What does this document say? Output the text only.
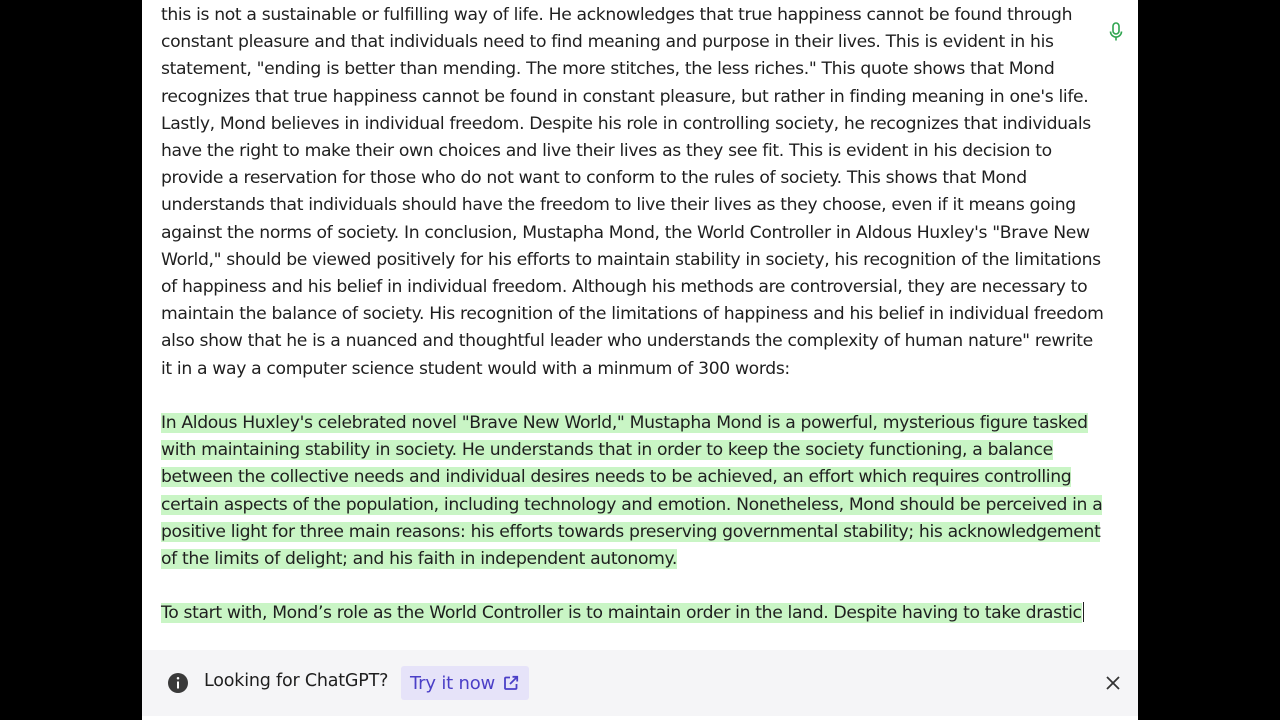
this is not a sustainable or fulfilling way of life. He acknowledges that true happiness cannot be found through constant pleasure and that individuals need to find meaning and purpose in their lives. This is evident in his statement, "ending is better than mending. The more stitches, the less riches." This quote shows that Mond recognizes that true happiness cannot be found in constant pleasure, but rather in finding meaning in one's life. Lastly, Mond believes in individual freedom. Despite his role in controlling society, he recognizes that individuals have the right to make their own choices and live their lives as they see fit. This is evident in his decision to provide a reservation for those who do not want to conform to the rules of society. This shows that Mond understands that individuals should have the freedom to live their lives as they choose, even if it means going against the norms of society. In conclusion, Mustapha Mond, the World Controller in Aldous Huxley's "Brave New World," should be viewed positively for his efforts to maintain stability in society, his recognition of the limitations of happiness and his belief in individual freedom. Although his methods are controversial, they are necessary to maintain the balance of society. His recognition of the limitations of happiness and his belief in individual freedom also show that he is a nuanced and thoughtful leader who understands the complexity of human nature" rewrite it in a way a computer science student would with a minmum of 300 words:

In Aldous Huxley's celebrated novel "Brave New World," Mustapha Mond is a powerful, mysterious figure tasked with maintaining stability in society. He understands that in order to keep the society functioning, a balance between the collective needs and individual desires needs to be achieved, an effort which requires controlling certain aspects of the population, including technology and emotion. Nonetheless, Mond should be perceived in a positive light for three main reasons: his efforts towards preserving governmental stability; his acknowledgement of the limits of delight; and his faith in independent autonomy.

To start with, Mond’s role as the World Controller is to maintain order in the land. Despite having to take drastic

Looking for ChatGPT? Try it now
